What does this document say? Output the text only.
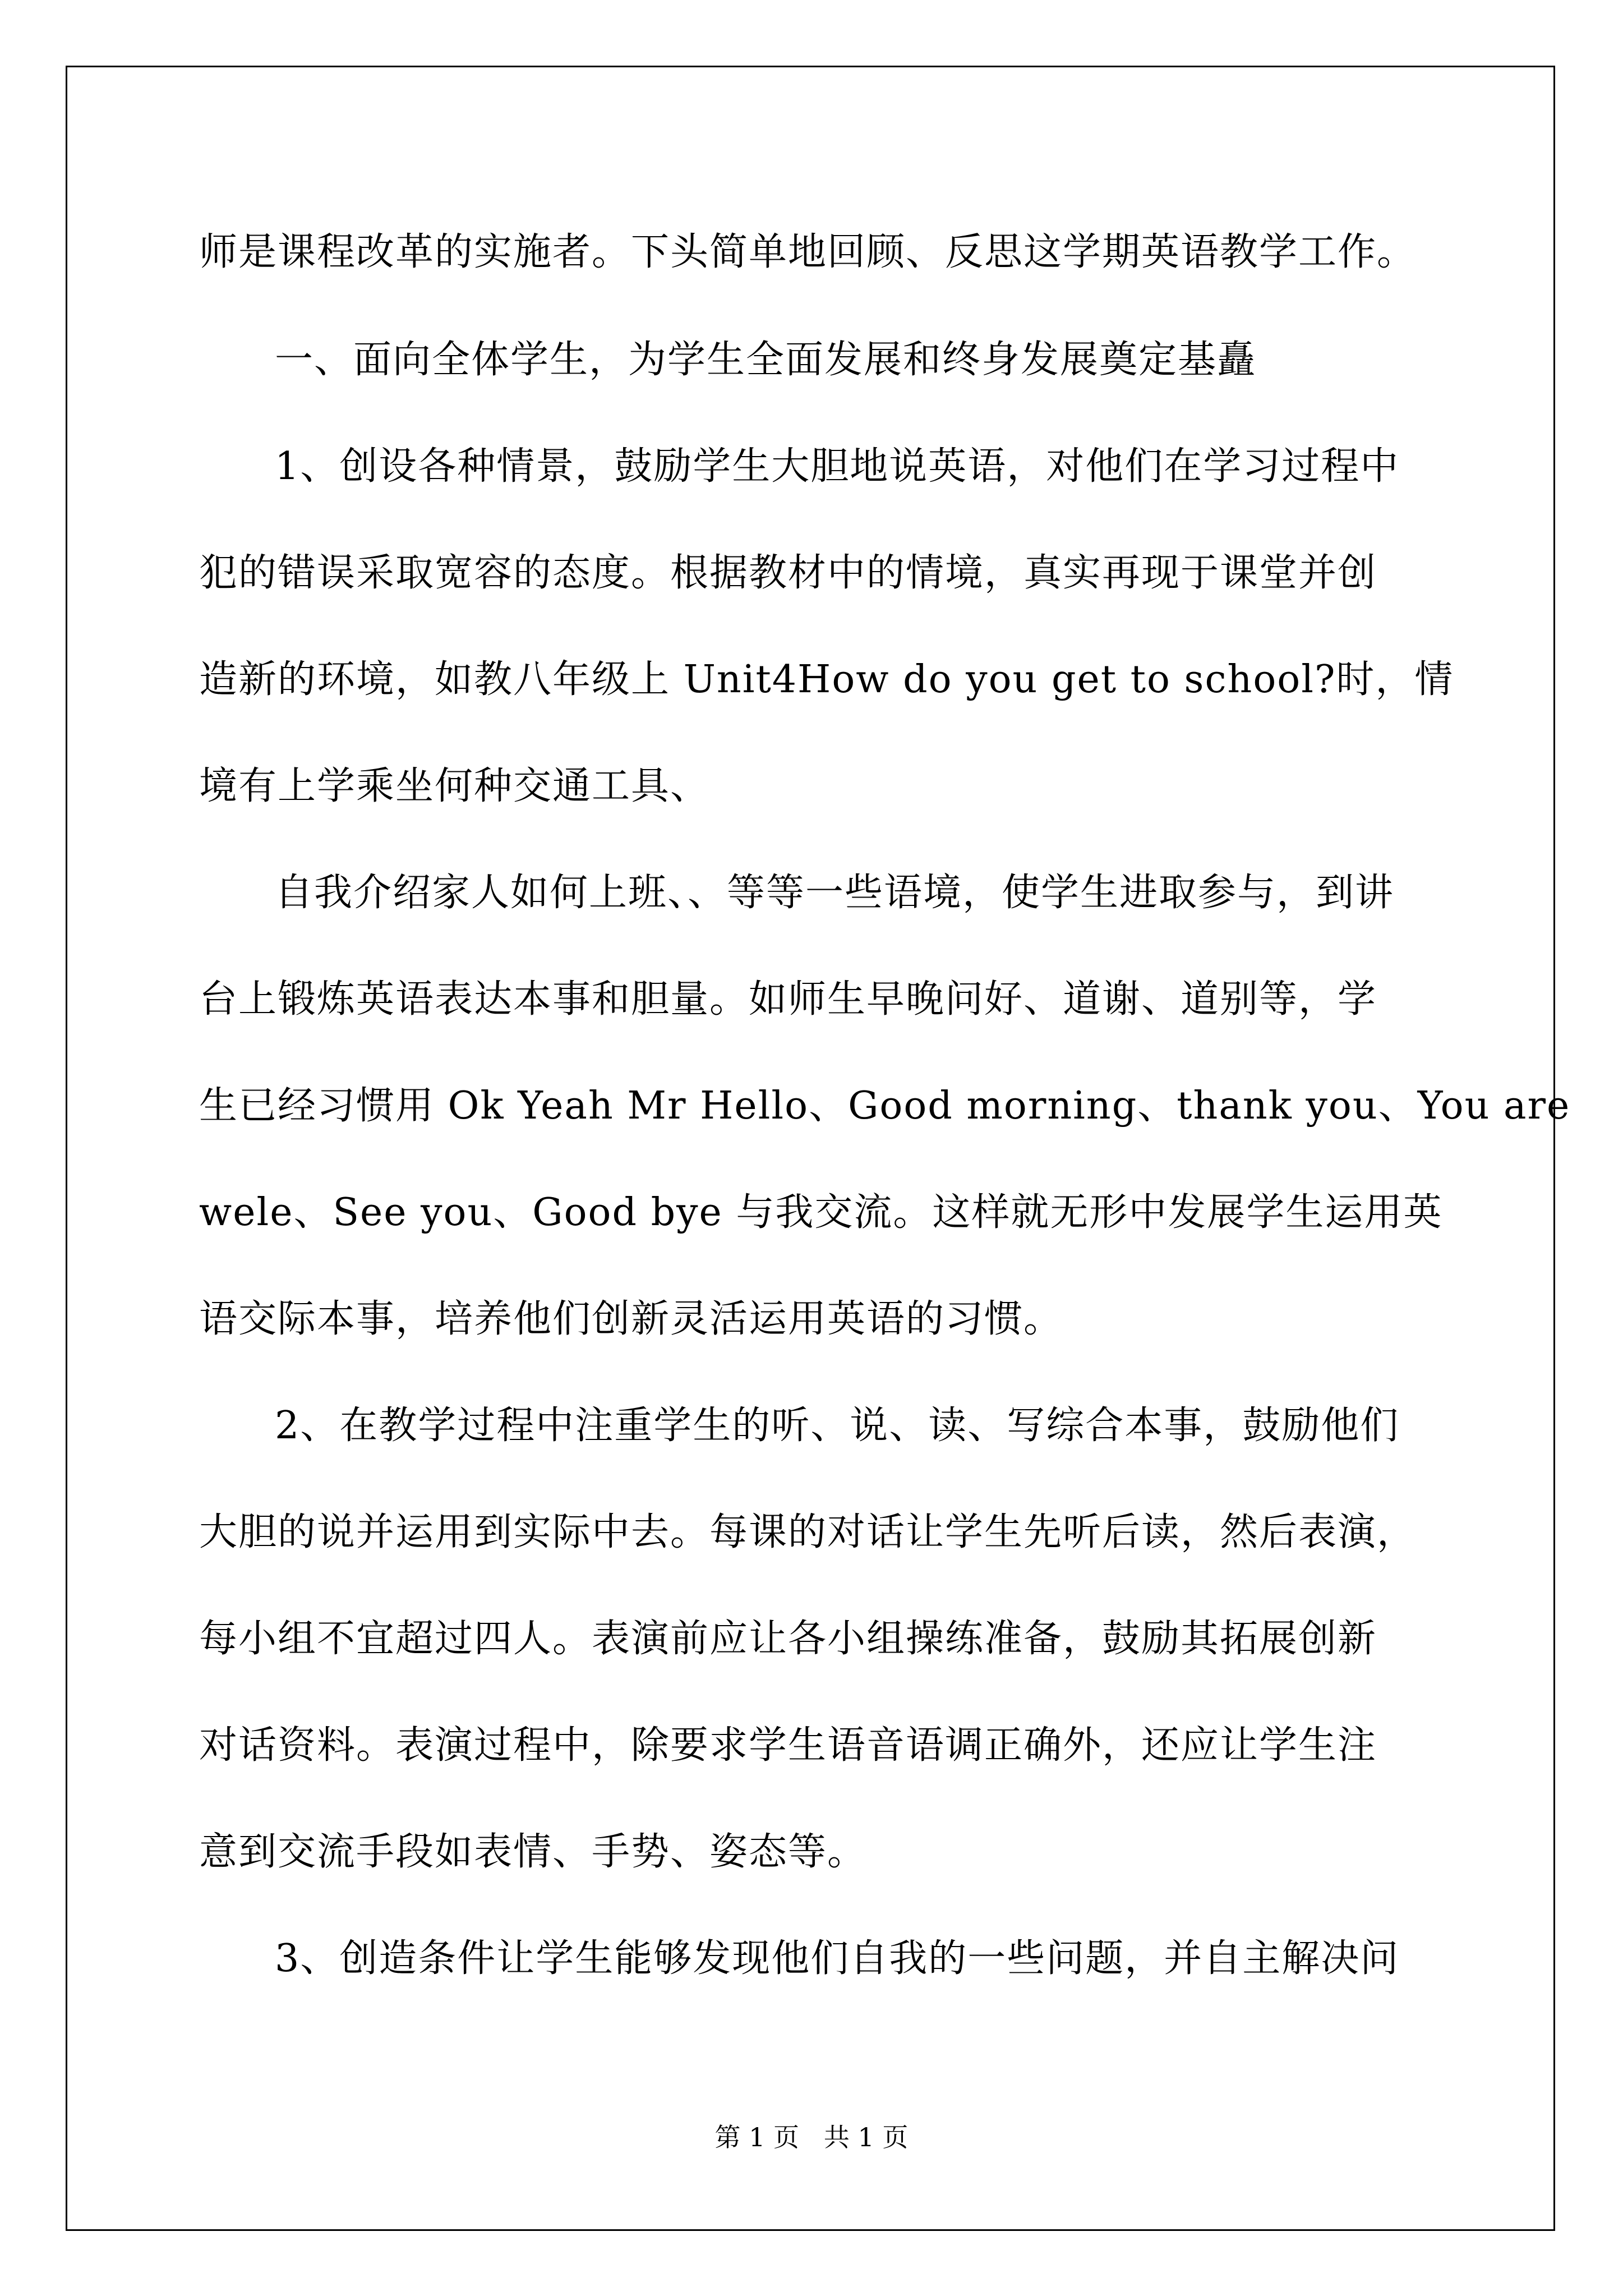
师是课程改革的实施者。下头简单地回顾、反思这学期英语教学工作。

一、面向全体学生，为学生全面发展和终身发展奠定基矗

1、创设各种情景，鼓励学生大胆地说英语，对他们在学习过程中

犯的错误采取宽容的态度。根据教材中的情境，真实再现于课堂并创

造新的环境，如教八年级上 Unit4How do you get to school?时，情

境有上学乘坐何种交通工具、

自我介绍家人如何上班、、等等一些语境，使学生进取参与，到讲

台上锻炼英语表达本事和胆量。如师生早晚问好、道谢、道别等，学

生已经习惯用 Ok Yeah Mr Hello、Good morning、thank you、You are

wele、See you、Good bye 与我交流。这样就无形中发展学生运用英

语交际本事，培养他们创新灵活运用英语的习惯。

2、在教学过程中注重学生的听、说、读、写综合本事，鼓励他们

大胆的说并运用到实际中去。每课的对话让学生先听后读，然后表演，

每小组不宜超过四人。表演前应让各小组操练准备，鼓励其拓展创新

对话资料。表演过程中，除要求学生语音语调正确外，还应让学生注

意到交流手段如表情、手势、姿态等。

3、创造条件让学生能够发现他们自我的一些问题，并自主解决问

第 1 页   共 1 页
